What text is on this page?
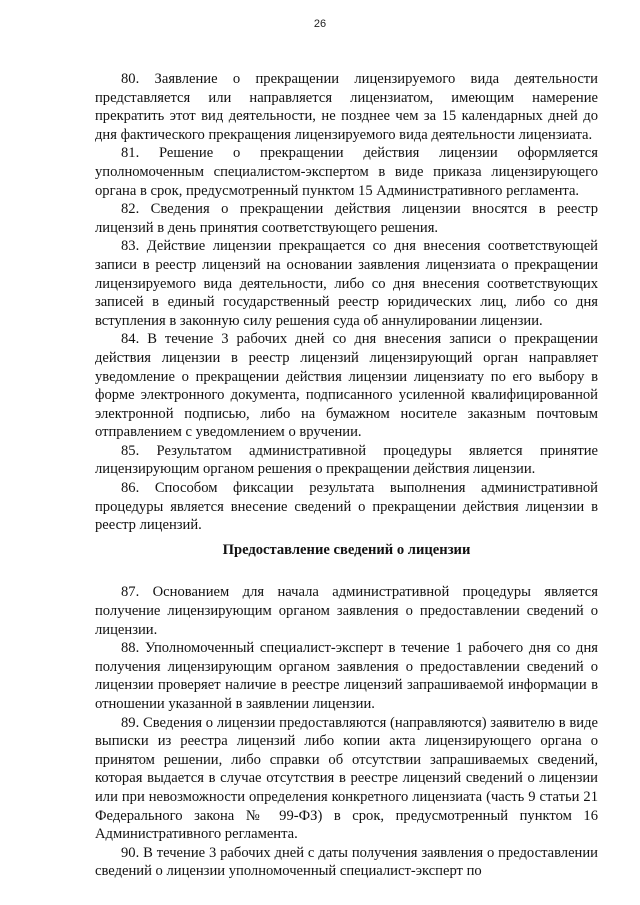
26

80. Заявление о прекращении лицензируемого вида деятельности представляется или направляется лицензиатом, имеющим намерение прекратить этот вид деятельности, не позднее чем за 15 календарных дней до дня фактического прекращения лицензируемого вида деятельности лицензиата.

81. Решение о прекращении действия лицензии оформляется уполномоченным специалистом-экспертом в виде приказа лицензирующего органа в срок, предусмотренный пунктом 15 Административного регламента.

82. Сведения о прекращении действия лицензии вносятся в реестр лицензий в день принятия соответствующего решения.

83. Действие лицензии прекращается со дня внесения соответствующей записи в реестр лицензий на основании заявления лицензиата о прекращении лицензируемого вида деятельности, либо со дня внесения соответствующих записей в единый государственный реестр юридических лиц, либо со дня вступления в законную силу решения суда об аннулировании лицензии.

84. В течение 3 рабочих дней со дня внесения записи о прекращении действия лицензии в реестр лицензий лицензирующий орган направляет уведомление о прекращении действия лицензии лицензиату по его выбору в форме электронного документа, подписанного усиленной квалифицированной электронной подписью, либо на бумажном носителе заказным почтовым отправлением с уведомлением о вручении.

85. Результатом административной процедуры является принятие лицензирующим органом решения о прекращении действия лицензии.

86. Способом фиксации результата выполнения административной процедуры является внесение сведений о прекращении действия лицензии в реестр лицензий.

Предоставление сведений о лицензии

87. Основанием для начала административной процедуры является получение лицензирующим органом заявления о предоставлении сведений о лицензии.

88. Уполномоченный специалист-эксперт в течение 1 рабочего дня со дня получения лицензирующим органом заявления о предоставлении сведений о лицензии проверяет наличие в реестре лицензий запрашиваемой информации в отношении указанной в заявлении лицензии.

89. Сведения о лицензии предоставляются (направляются) заявителю в виде выписки из реестра лицензий либо копии акта лицензирующего органа о принятом решении, либо справки об отсутствии запрашиваемых сведений, которая выдается в случае отсутствия в реестре лицензий сведений о лицензии или при невозможности определения конкретного лицензиата (часть 9 статьи 21 Федерального закона № 99-ФЗ) в срок, предусмотренный пунктом 16 Административного регламента.

90. В течение 3 рабочих дней с даты получения заявления о предоставлении сведений о лицензии уполномоченный специалист-эксперт по
